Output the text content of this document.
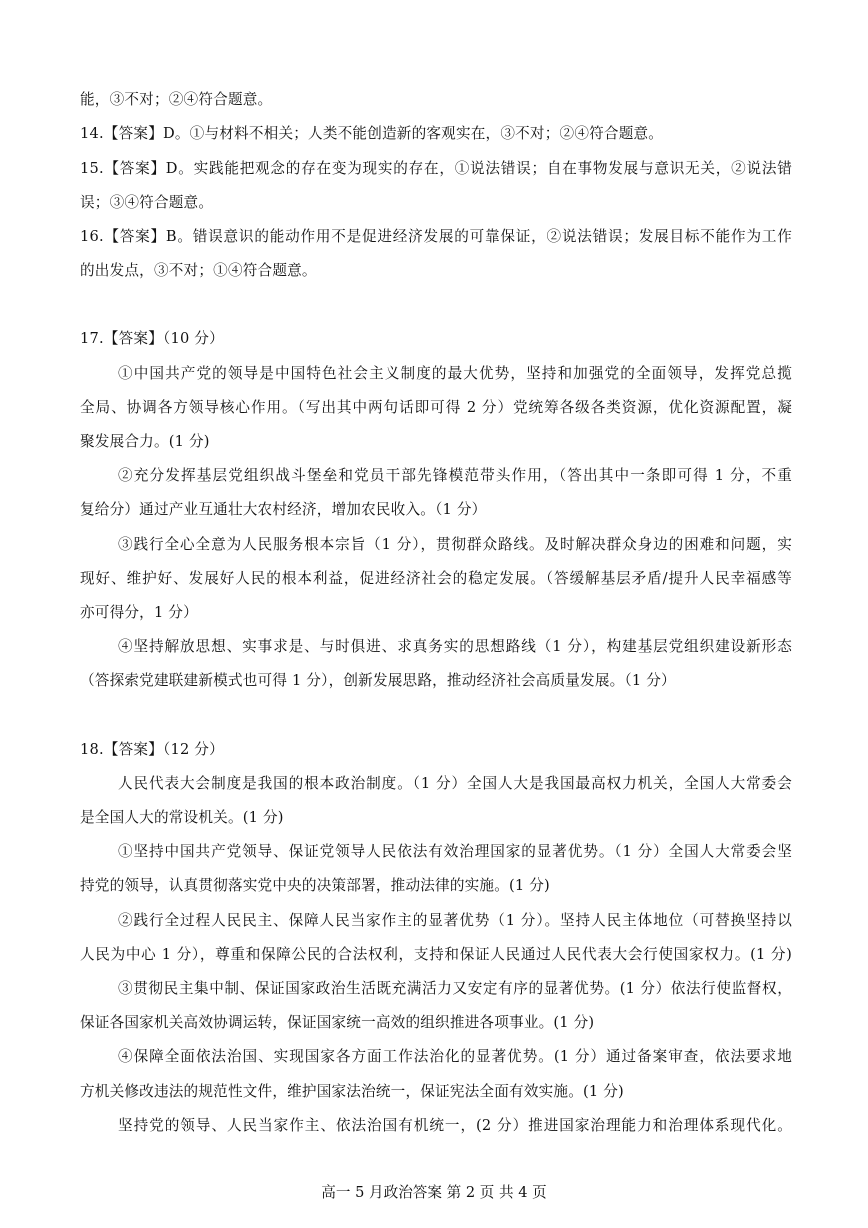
能，③不对；②④符合题意。
14.【答案】D。①与材料不相关；人类不能创造新的客观实在，③不对；②④符合题意。
15.【答案】D。实践能把观念的存在变为现实的存在，①说法错误；自在事物发展与意识无关，②说法错
误；③④符合题意。
16.【答案】B。错误意识的能动作用不是促进经济发展的可靠保证，②说法错误；发展目标不能作为工作
的出发点，③不对；①④符合题意。
17.【答案】（10 分）
①中国共产党的领导是中国特色社会主义制度的最大优势，坚持和加强党的全面领导，发挥党总揽
全局、协调各方领导核心作用。（写出其中两句话即可得 2 分）党统筹各级各类资源，优化资源配置，凝
聚发展合力。(1 分)
②充分发挥基层党组织战斗堡垒和党员干部先锋模范带头作用，（答出其中一条即可得 1 分，不重
复给分）通过产业互通壮大农村经济，增加农民收入。（1 分）
③践行全心全意为人民服务根本宗旨（1 分），贯彻群众路线。及时解决群众身边的困难和问题，实
现好、维护好、发展好人民的根本利益，促进经济社会的稳定发展。（答缓解基层矛盾/提升人民幸福感等
亦可得分，1 分）
④坚持解放思想、实事求是、与时俱进、求真务实的思想路线（1 分），构建基层党组织建设新形态
（答探索党建联建新模式也可得 1 分），创新发展思路，推动经济社会高质量发展。（1 分）
18.【答案】（12 分）
人民代表大会制度是我国的根本政治制度。（1 分）全国人大是我国最高权力机关，全国人大常委会
是全国人大的常设机关。(1 分)
①坚持中国共产党领导、保证党领导人民依法有效治理国家的显著优势。（1 分）全国人大常委会坚
持党的领导，认真贯彻落实党中央的决策部署，推动法律的实施。(1 分)
②践行全过程人民民主、保障人民当家作主的显著优势（1 分）。坚持人民主体地位（可替换坚持以
人民为中心 1 分），尊重和保障公民的合法权利，支持和保证人民通过人民代表大会行使国家权力。(1 分)
③贯彻民主集中制、保证国家政治生活既充满活力又安定有序的显著优势。(1 分）依法行使监督权，
保证各国家机关高效协调运转，保证国家统一高效的组织推进各项事业。(1 分)
④保障全面依法治国、实现国家各方面工作法治化的显著优势。(1 分）通过备案审查，依法要求地
方机关修改违法的规范性文件，维护国家法治统一，保证宪法全面有效实施。(1 分)
坚持党的领导、人民当家作主、依法治国有机统一，(2 分）推进国家治理能力和治理体系现代化。
高一 5 月政治答案 第 2 页 共 4 页
